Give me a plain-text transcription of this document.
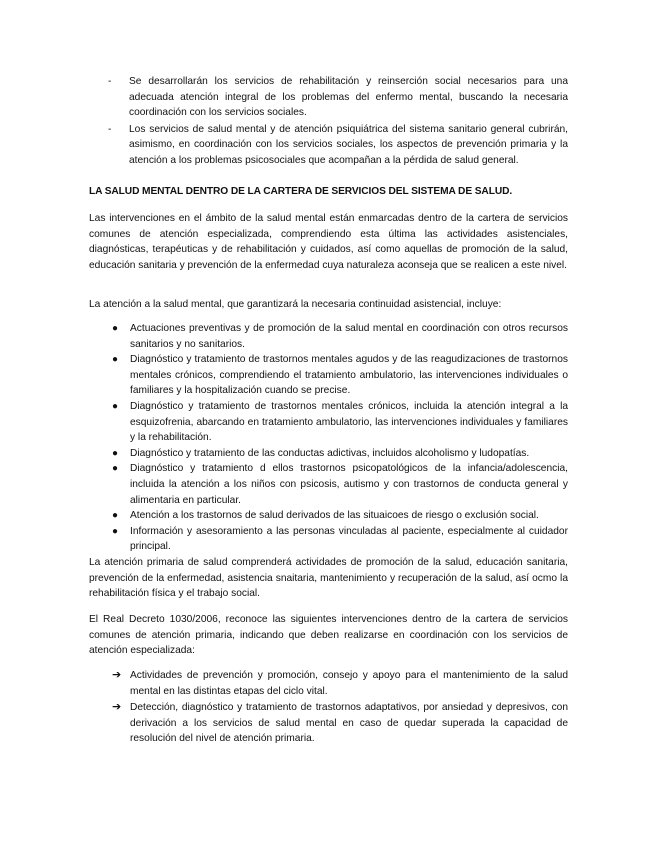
- Se desarrollarán los servicios de rehabilitación y reinserción social necesarios para una adecuada atención integral de los problemas del enfermo mental, buscando la necesaria coordinación con los servicios sociales.
- Los servicios de salud mental y de atención psiquiátrica del sistema sanitario general cubrirán, asimismo, en coordinación con los servicios sociales, los aspectos de prevención primaria y la atención a los problemas psicosociales que acompañan a la pérdida de salud general.
LA SALUD MENTAL DENTRO DE LA CARTERA DE SERVICIOS DEL SISTEMA DE SALUD.
Las intervenciones en el ámbito de la salud mental están enmarcadas dentro de la cartera de servicios comunes de atención especializada, comprendiendo esta última las actividades asistenciales, diagnósticas, terapéuticas y de rehabilitación y cuidados, así como aquellas de promoción de la salud, educación sanitaria y prevención de la enfermedad cuya naturaleza aconseja que se realicen a este nivel.
La atención a la salud mental, que garantizará la necesaria continuidad asistencial, incluye:
● Actuaciones preventivas y de promoción de la salud mental en coordinación con otros recursos sanitarios y no sanitarios.
● Diagnóstico y tratamiento de trastornos mentales agudos y de las reagudizaciones de trastornos mentales crónicos, comprendiendo el tratamiento ambulatorio, las intervenciones individuales o familiares y la hospitalización cuando se precise.
● Diagnóstico y tratamiento de trastornos mentales crónicos, incluida la atención integral a la esquizofrenia, abarcando en tratamiento ambulatorio, las intervenciones individuales y familiares y la rehabilitación.
● Diagnóstico y tratamiento de las conductas adictivas, incluidos alcoholismo y ludopatías.
● Diagnóstico y tratamiento d ellos trastornos psicopatológicos de la infancia/adolescencia, incluida la atención a los niños con psicosis, autismo y con trastornos de conducta general y alimentaria en particular.
● Atención a los trastornos de salud derivados de las situaicoes de riesgo o exclusión social.
● Información y asesoramiento a las personas vinculadas al paciente, especialmente al cuidador principal.
La atención primaria de salud comprenderá actividades de promoción de la salud, educación sanitaria, prevención de la enfermedad, asistencia snaitaria, mantenimiento y recuperación de la salud, así ocmo la rehabilitación física y el trabajo social.
El Real Decreto 1030/2006, reconoce las siguientes intervenciones dentro de la cartera de servicios comunes de atención primaria, indicando que deben realizarse en coordinación con los servicios de atención especializada:
➔ Actividades de prevención y promoción, consejo y apoyo para el mantenimiento de la salud mental en las distintas etapas del ciclo vital.
➔ Detección, diagnóstico y tratamiento de trastornos adaptativos, por ansiedad y depresivos, con derivación a los servicios de salud mental en caso de quedar superada la capacidad de resolución del nivel de atención primaria.
